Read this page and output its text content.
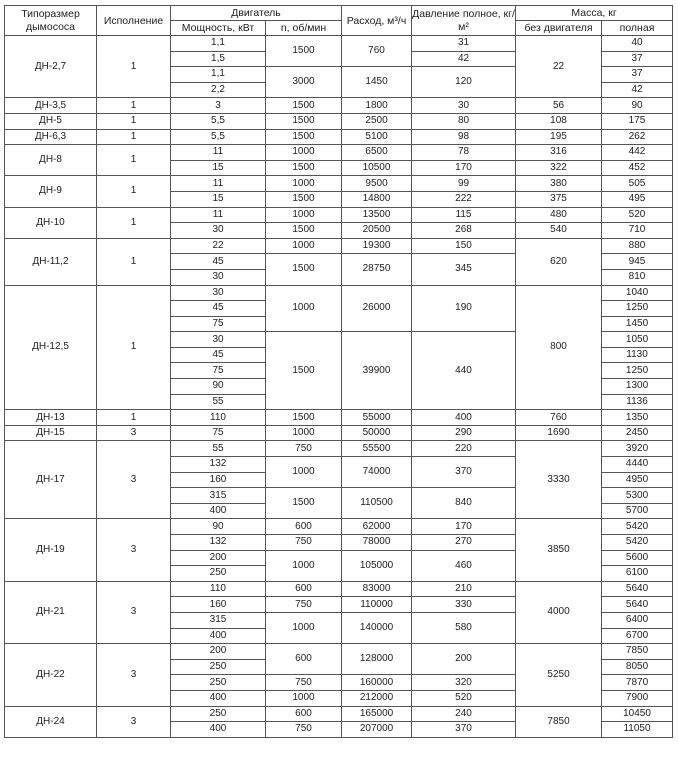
Типоразмер дымососа	Исполнение	Двигатель		Расход, м³/ч	Давление полное, кг/м²	Масса, кг	
		Мощность, кВт	n, об/мин			без двигателя	полная
ДН-2,7	1	1,1	1500	760	31	22	40
		1,5			42		37
		1,1	3000	1450	120		37
		2,2					42
ДН-3,5	1	3	1500	1800	30	56	90
ДН-5	1	5,5	1500	2500	80	108	175
ДН-6,3	1	5,5	1500	5100	98	195	262
ДН-8	1	11	1000	6500	78	316	442
		15	1500	10500	170	322	452
ДН-9	1	11	1000	9500	99	380	505
		15	1500	14800	222	375	495
ДН-10	1	11	1000	13500	115	480	520
		30	1500	20500	268	540	710
ДН-11,2	1	22	1000	19300	150	620	880
		45	1500	28750	345		945
		30					810
ДН-12,5	1	30	1000	26000	190	800	1040
		45					1250
		75					1450
		30	1500	39900	440		1050
		45					1130
		75					1250
		90					1300
		55					1136
ДН-13	1	110	1500	55000	400	760	1350
ДН-15	3	75	1000	50000	290	1690	2450
ДН-17	3	55	750	55500	220	3330	3920
		132	1000	74000	370		4440
		160					4950
		315	1500	110500	840		5300
		400					5700
ДН-19	3	90	600	62000	170	3850	5420
		132	750	78000	270		5420
		200	1000	105000	460		5600
		250					6100
ДН-21	3	110	600	83000	210	4000	5640
		160	750	110000	330		5640
		315	1000	140000	580		6400
		400					6700
ДН-22	3	200	600	128000	200	5250	7850
		250					8050
		250	750	160000	320		7870
		400	1000	212000	520		7900
ДН-24	3	250	600	165000	240	7850	10450
		400	750	207000	370		11050
